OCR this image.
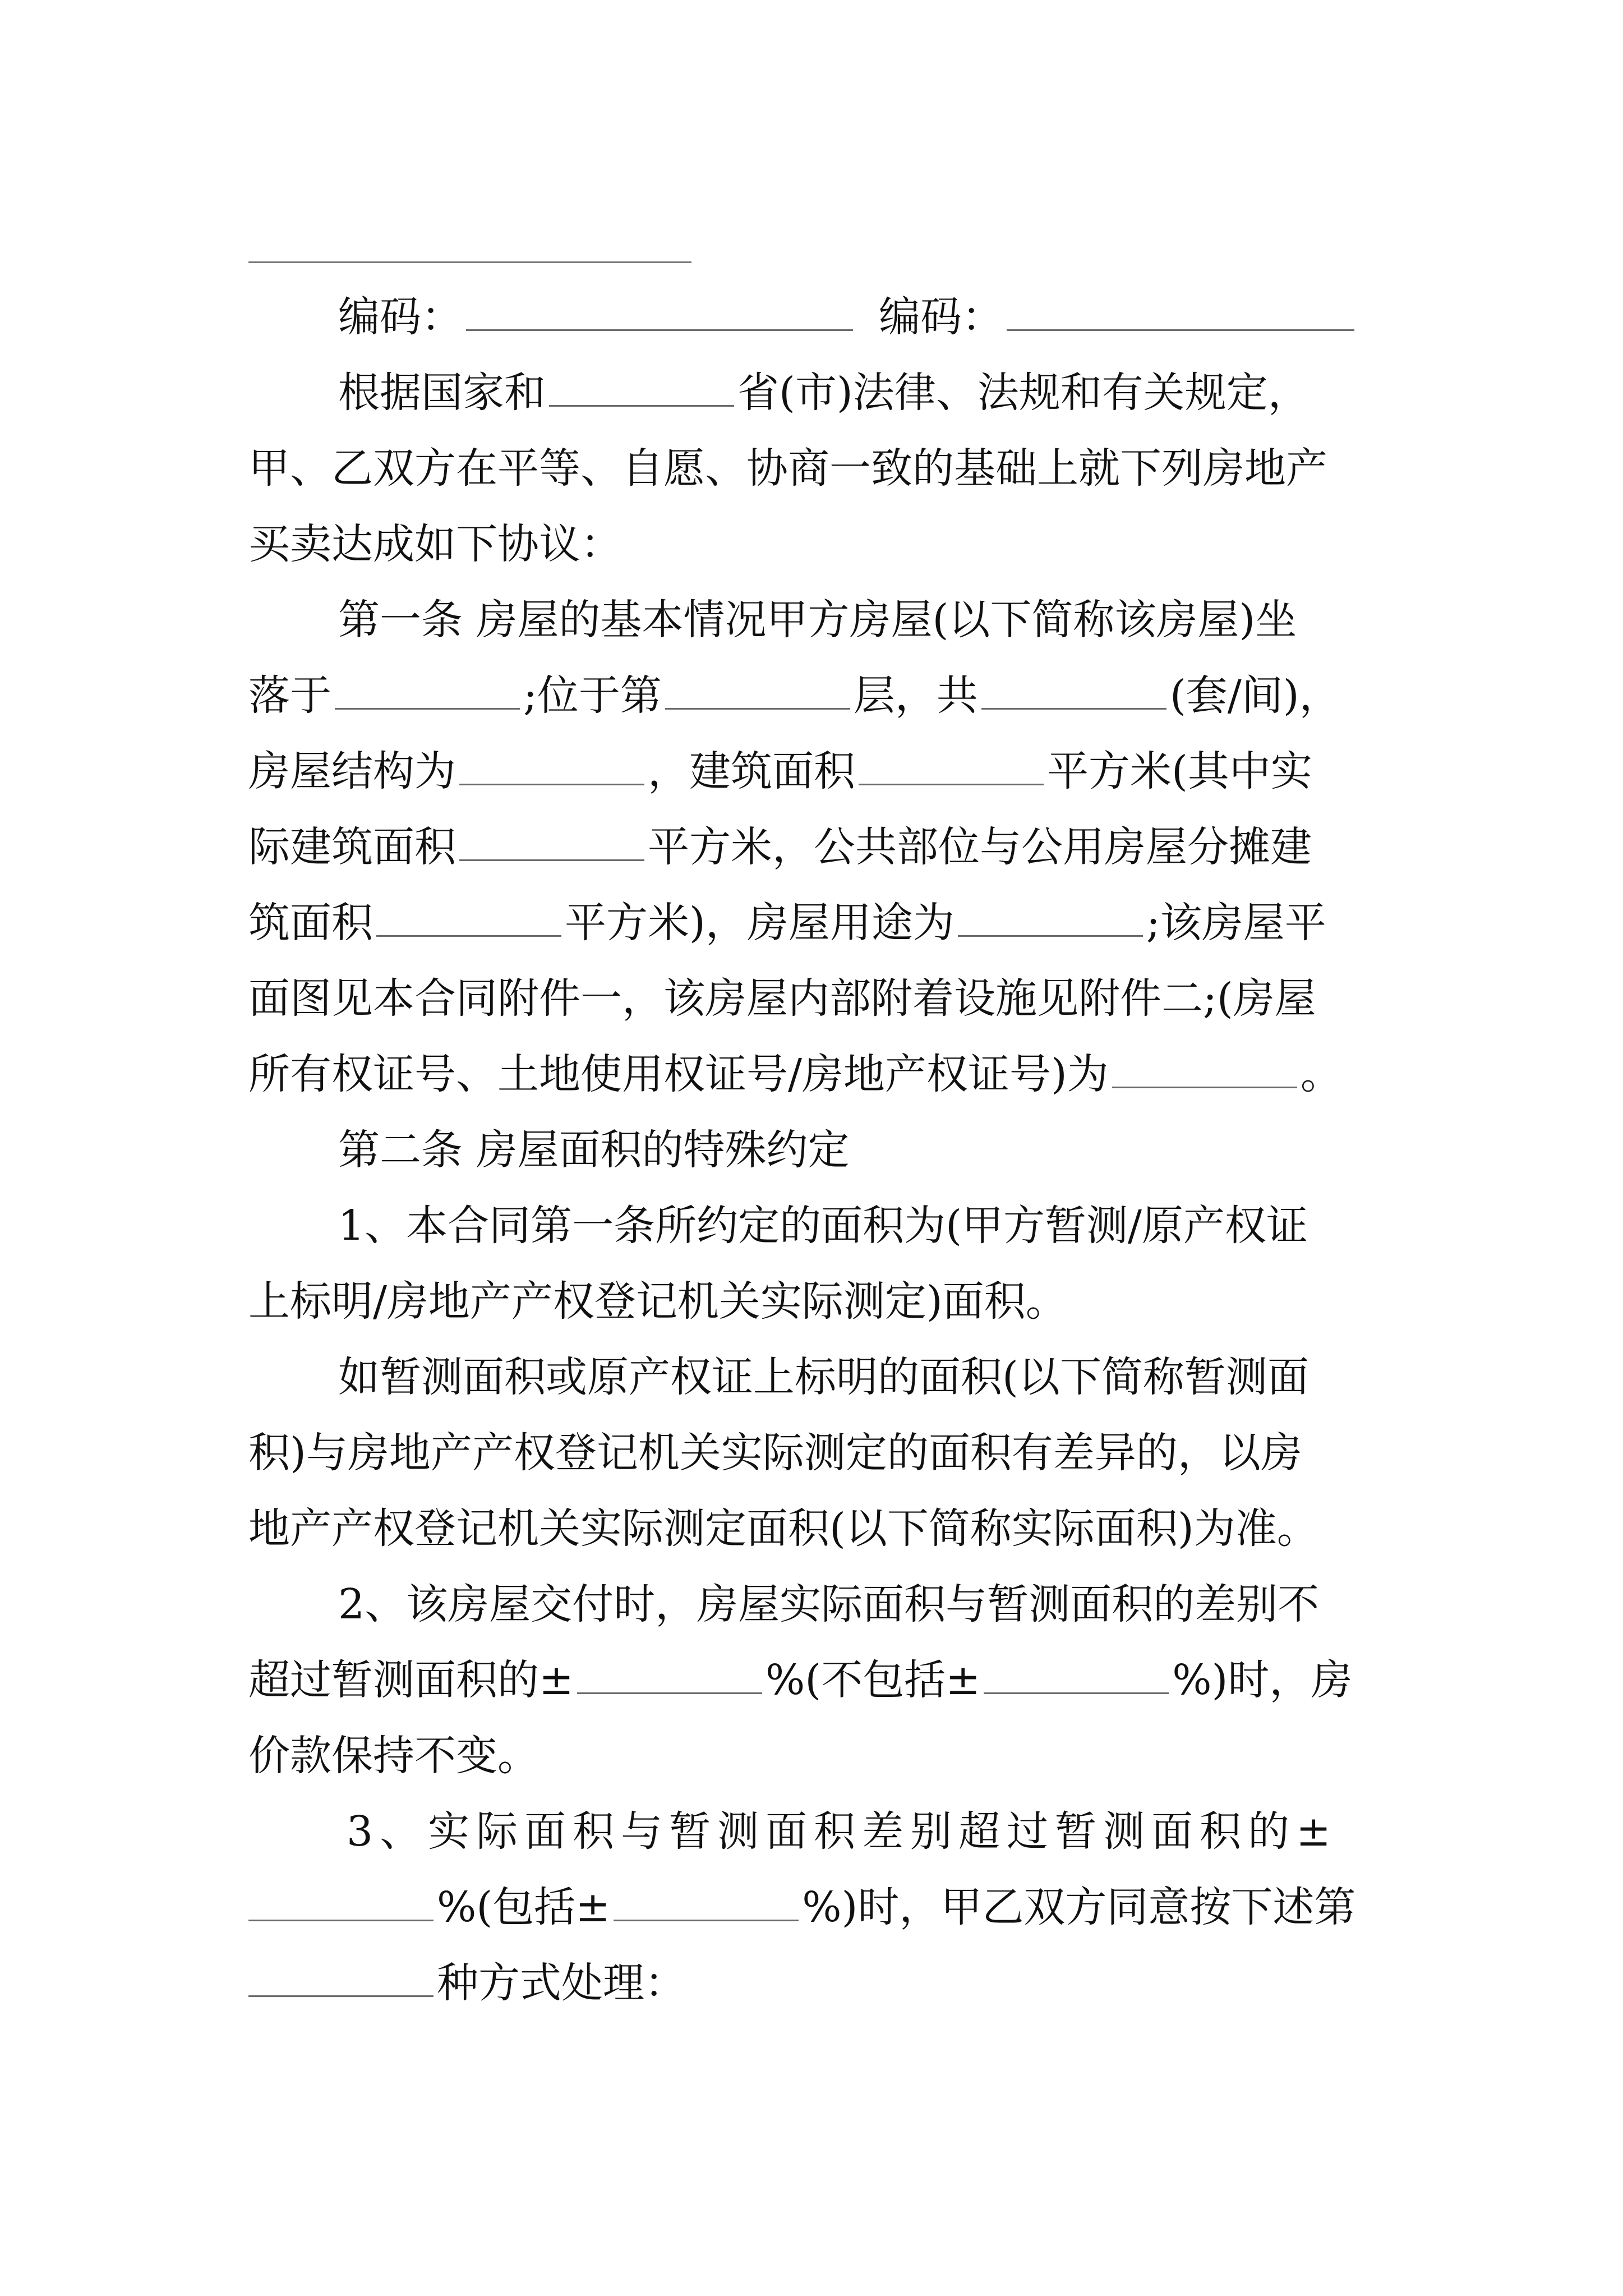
编码：	编码：
根据国家和	省(市)法律、法规和有关规定，
甲、乙双方在平等、自愿、协商一致的基础上就下列房地产
买卖达成如下协议：
第一条 房屋的基本情况甲方房屋(以下简称该房屋)坐
落于	;位于第	层，共	(套/间)，
房屋结构为	，建筑面积	平方米(其中实
际建筑面积	平方米，公共部位与公用房屋分摊建
筑面积	平方米)，房屋用途为	;该房屋平
面图见本合同附件一，该房屋内部附着设施见附件二;(房屋
所有权证号、土地使用权证号/房地产权证号)为	。
第二条 房屋面积的特殊约定
1、本合同第一条所约定的面积为(甲方暂测/原产权证
上标明/房地产产权登记机关实际测定)面积。
如暂测面积或原产权证上标明的面积(以下简称暂测面
积)与房地产产权登记机关实际测定的面积有差异的，以房
地产产权登记机关实际测定面积(以下简称实际面积)为准。
2、该房屋交付时，房屋实际面积与暂测面积的差别不
超过暂测面积的±	%(不包括±	%)时，房
价款保持不变。
3、实际面积与暂测面积差别超过暂测面积的±
%(包括±	%)时，甲乙双方同意按下述第
种方式处理：
